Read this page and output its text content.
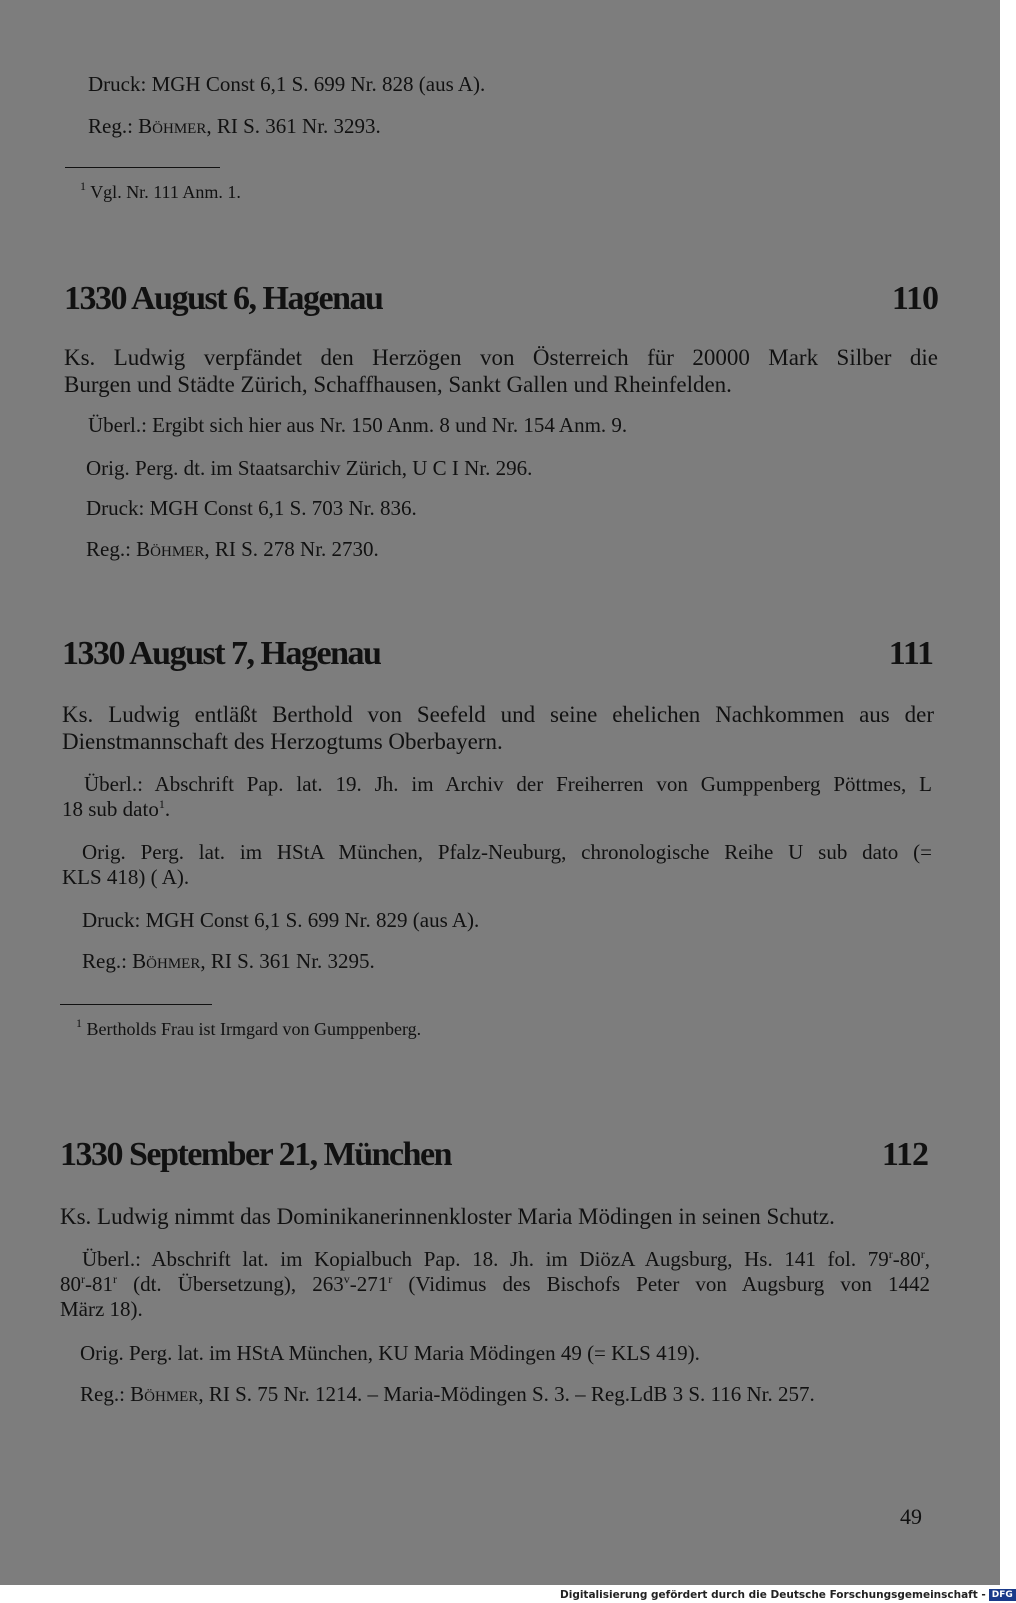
Druck: MGH Const 6,1 S. 699 Nr. 828 (aus A).
Reg.: Böhmer, RI S. 361 Nr. 3293.
$^1$ Vgl. Nr. 111 Anm. 1.
1330 August 6, Hagenau	110
Ks. Ludwig verpfändet den Herzögen von Österreich für 20000 Mark Silber die
Burgen und Städte Zürich, Schaffhausen, Sankt Gallen und Rheinfelden.
Überl.: Ergibt sich hier aus Nr. 150 Anm. 8 und Nr. 154 Anm. 9.
Orig. Perg. dt. im Staatsarchiv Zürich, U C I Nr. 296.
Druck: MGH Const 6,1 S. 703 Nr. 836.
Reg.: Böhmer, RI S. 278 Nr. 2730.
1330 August 7, Hagenau	111
Ks. Ludwig entläßt Berthold von Seefeld und seine ehelichen Nachkommen aus der
Dienstmannschaft des Herzogtums Oberbayern.
Überl.: Abschrift Pap. lat. 19. Jh. im Archiv der Freiherren von Gumppenberg Pöttmes, L
18 sub dato$^1$.
Orig. Perg. lat. im HStA München, Pfalz-Neuburg, chronologische Reihe U sub dato (=
KLS 418) ( A).
Druck: MGH Const 6,1 S. 699 Nr. 829 (aus A).
Reg.: Böhmer, RI S. 361 Nr. 3295.
$^1$ Bertholds Frau ist Irmgard von Gumppenberg.
1330 September 21, München	112
Ks. Ludwig nimmt das Dominikanerinnenkloster Maria Mödingen in seinen Schutz.
Überl.: Abschrift lat. im Kopialbuch Pap. 18. Jh. im DiözA Augsburg, Hs. 141 fol. 79$^r$-80$^r$,
80$^r$-81$^r$ (dt. Übersetzung), 263$^v$-271$^r$ (Vidimus des Bischofs Peter von Augsburg von 1442
März 18).
Orig. Perg. lat. im HStA München, KU Maria Mödingen 49 (= KLS 419).
Reg.: Böhmer, RI S. 75 Nr. 1214. – Maria-Mödingen S. 3. – Reg.LdB 3 S. 116 Nr. 257.
49
Digitalisierung gefördert durch die Deutsche Forschungsgemeinschaft - DFG
